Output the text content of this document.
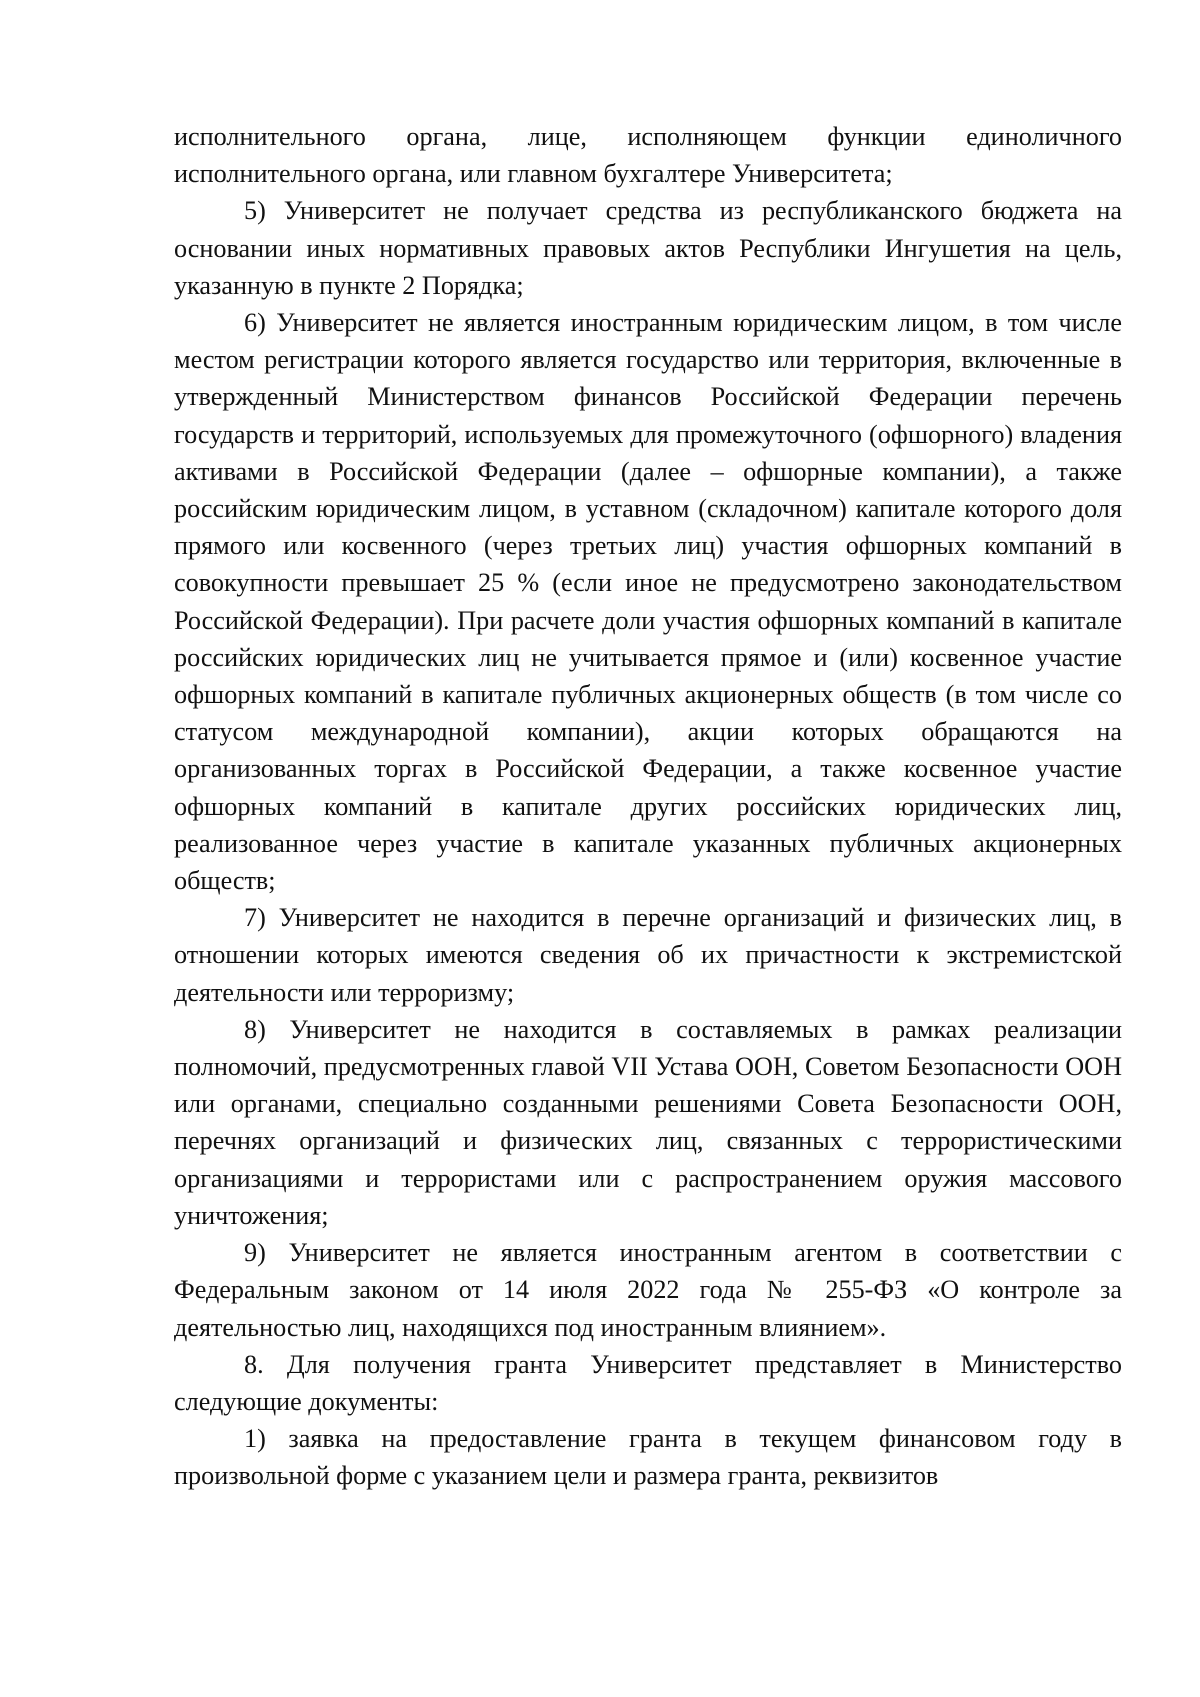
исполнительного органа, лице, исполняющем функции единоличного исполнительного органа, или главном бухгалтере Университета;

5) Университет не получает средства из республиканского бюджета на основании иных нормативных правовых актов Республики Ингушетия на цель, указанную в пункте 2 Порядка;

6) Университет не является иностранным юридическим лицом, в том числе местом регистрации которого является государство или территория, включенные в утвержденный Министерством финансов Российской Федерации перечень государств и территорий, используемых для промежуточного (офшорного) владения активами в Российской Федерации (далее – офшорные компании), а также российским юридическим лицом, в уставном (складочном) капитале которого доля прямого или косвенного (через третьих лиц) участия офшорных компаний в совокупности превышает 25 % (если иное не предусмотрено законодательством Российской Федерации). При расчете доли участия офшорных компаний в капитале российских юридических лиц не учитывается прямое и (или) косвенное участие офшорных компаний в капитале публичных акционерных обществ (в том числе со статусом международной компании), акции которых обращаются на организованных торгах в Российской Федерации, а также косвенное участие офшорных компаний в капитале других российских юридических лиц, реализованное через участие в капитале указанных публичных акционерных обществ;

7) Университет не находится в перечне организаций и физических лиц, в отношении которых имеются сведения об их причастности к экстремистской деятельности или терроризму;

8) Университет не находится в составляемых в рамках реализации полномочий, предусмотренных главой VII Устава ООН, Советом Безопасности ООН или органами, специально созданными решениями Совета Безопасности ООН, перечнях организаций и физических лиц, связанных с террористическими организациями и террористами или с распространением оружия массового уничтожения;

9) Университет не является иностранным агентом в соответствии с Федеральным законом от 14 июля 2022 года № 255-ФЗ «О контроле за деятельностью лиц, находящихся под иностранным влиянием».

8. Для получения гранта Университет представляет в Министерство следующие документы:

1) заявка на предоставление гранта в текущем финансовом году в произвольной форме с указанием цели и размера гранта, реквизитов
